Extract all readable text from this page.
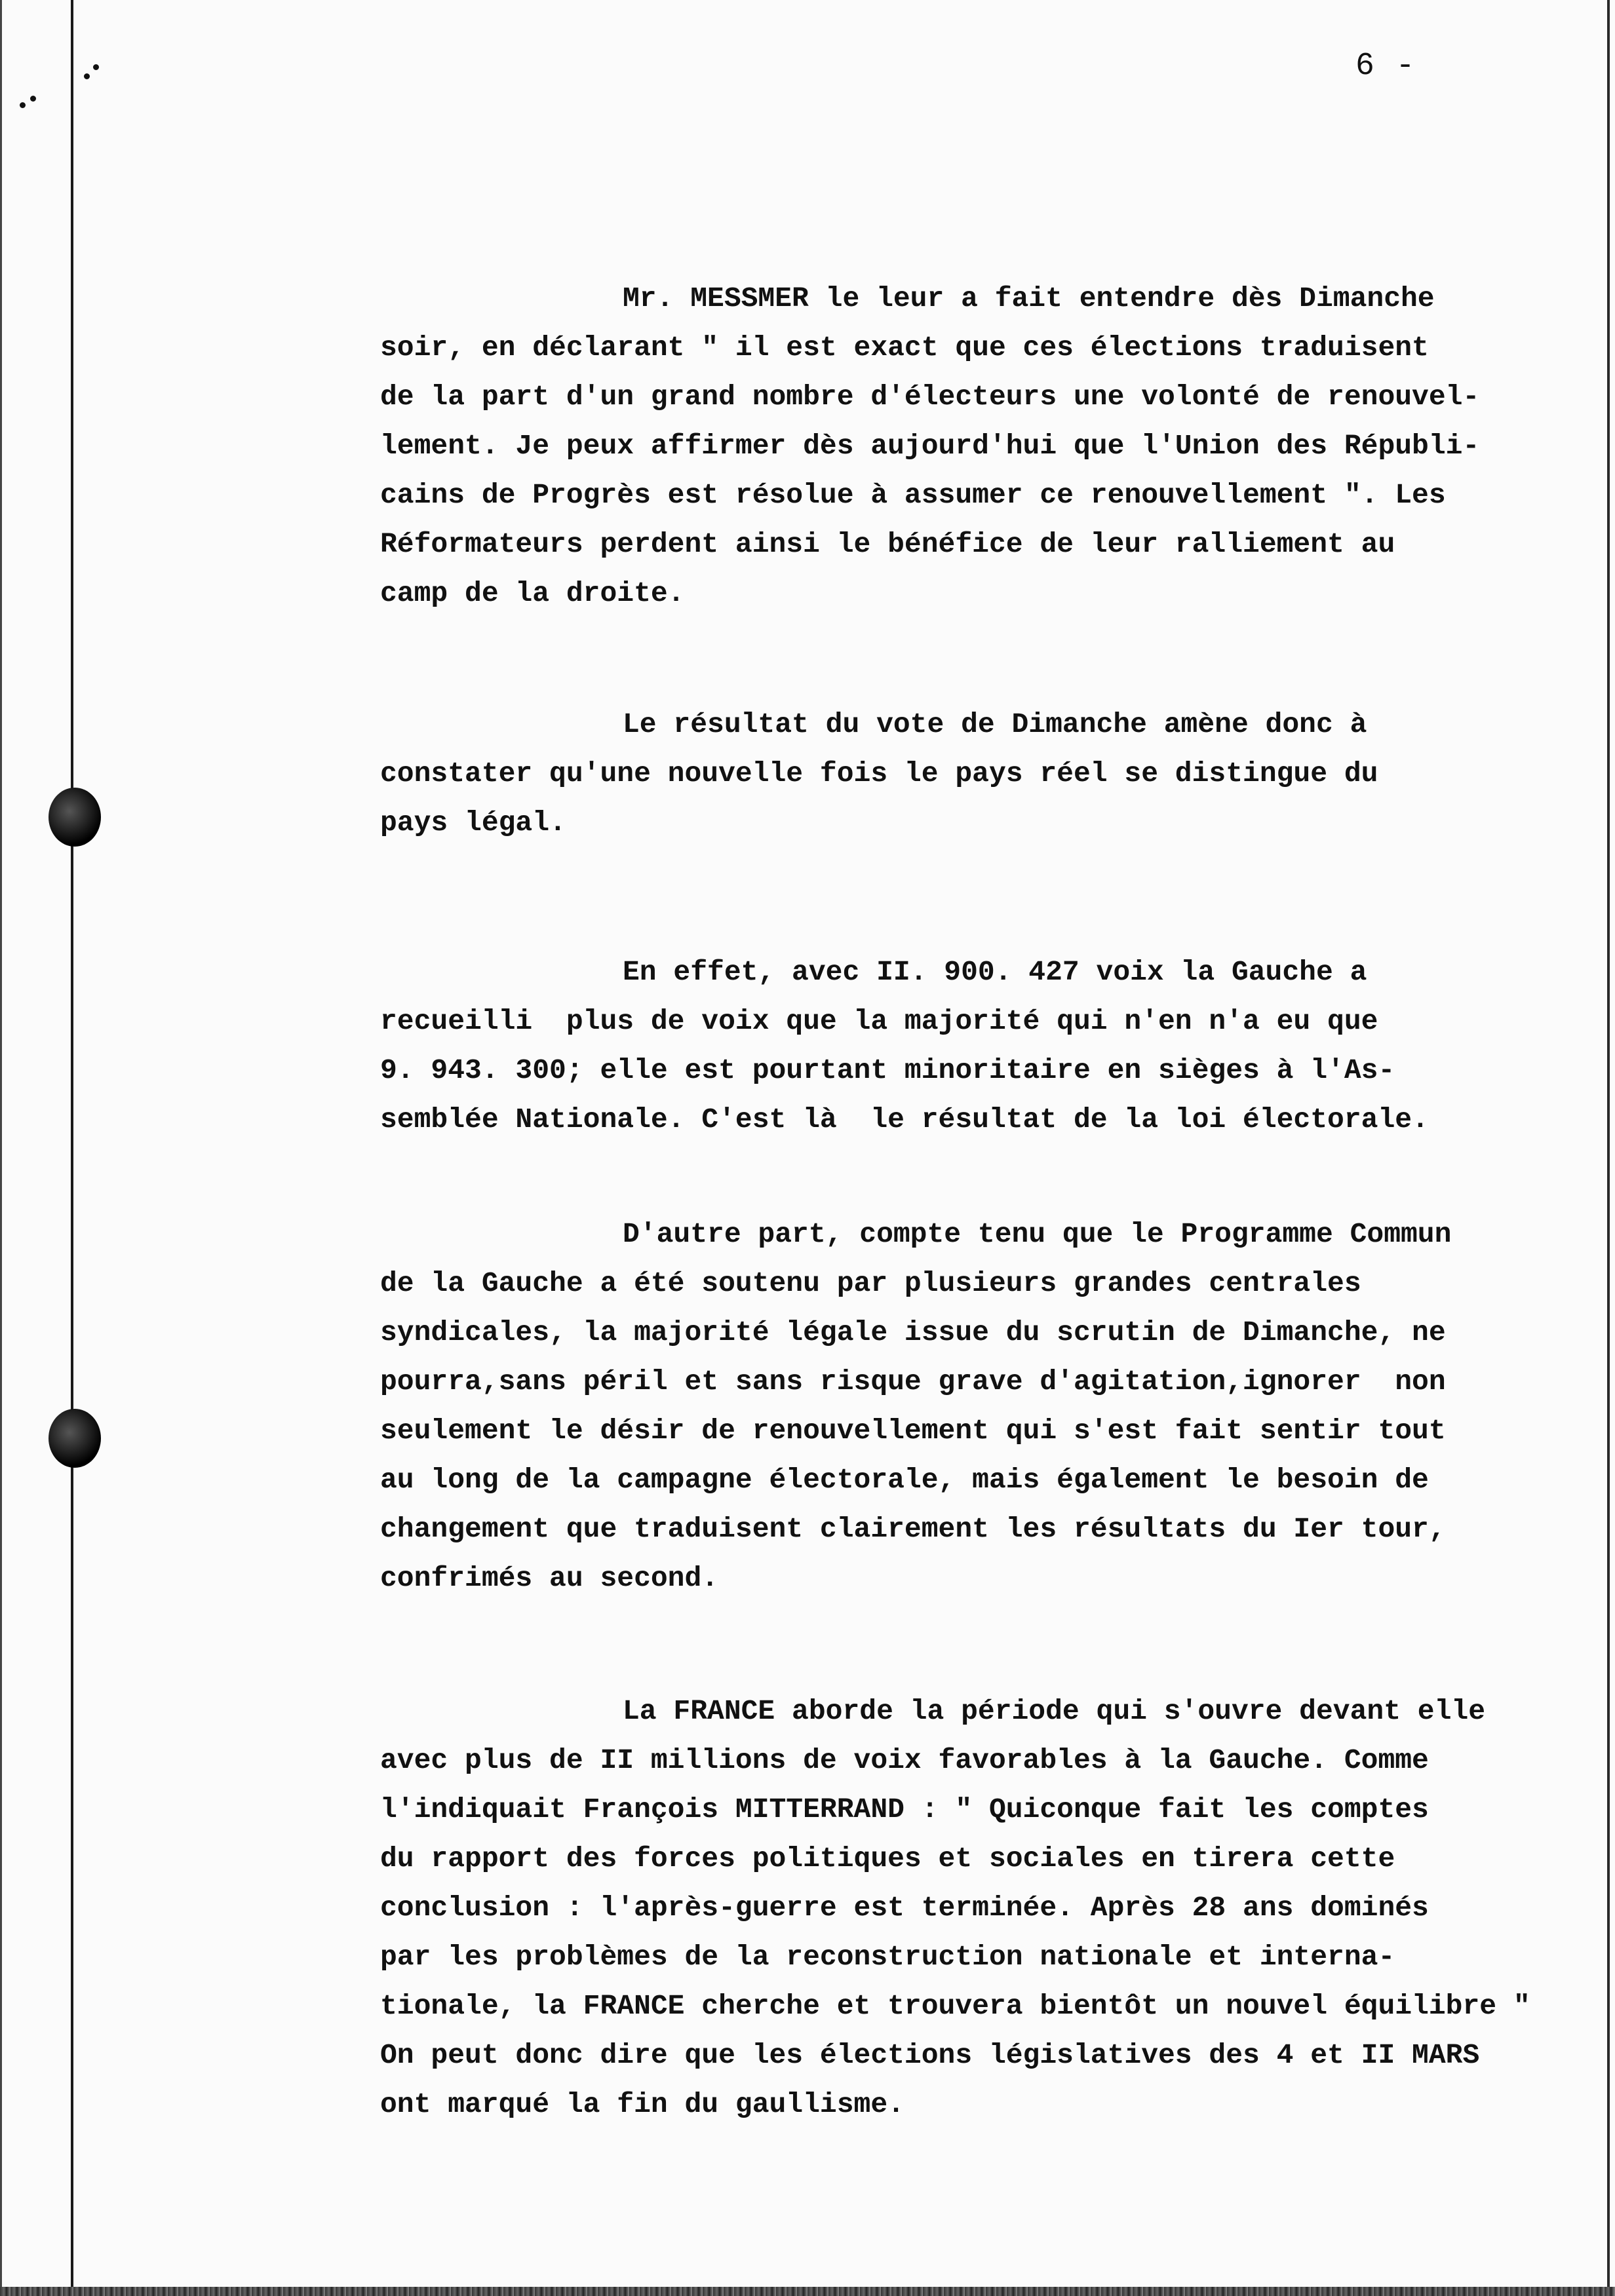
6 -
Mr. MESSMER le leur a fait entendre dès Dimanche
soir, en déclarant " il est exact que ces élections traduisent
de la part d'un grand nombre d'électeurs une volonté de renouvel-
lement. Je peux affirmer dès aujourd'hui que l'Union des Républi-
cains de Progrès est résolue à assumer ce renouvellement ". Les
Réformateurs perdent ainsi le bénéfice de leur ralliement au
camp de la droite.
Le résultat du vote de Dimanche amène donc à
constater qu'une nouvelle fois le pays réel se distingue du
pays légal.
En effet, avec II. 900. 427 voix la Gauche a
recueilli  plus de voix que la majorité qui n'en n'a eu que
9. 943. 300; elle est pourtant minoritaire en sièges à l'As-
semblée Nationale. C'est là  le résultat de la loi électorale.
D'autre part, compte tenu que le Programme Commun
de la Gauche a été soutenu par plusieurs grandes centrales
syndicales, la majorité légale issue du scrutin de Dimanche, ne
pourra,sans péril et sans risque grave d'agitation,ignorer  non
seulement le désir de renouvellement qui s'est fait sentir tout
au long de la campagne électorale, mais également le besoin de
changement que traduisent clairement les résultats du Ier tour,
confrimés au second.
La FRANCE aborde la période qui s'ouvre devant elle
avec plus de II millions de voix favorables à la Gauche. Comme
l'indiquait François MITTERRAND : " Quiconque fait les comptes
du rapport des forces politiques et sociales en tirera cette
conclusion : l'après-guerre est terminée. Après 28 ans dominés
par les problèmes de la reconstruction nationale et interna-
tionale, la FRANCE cherche et trouvera bientôt un nouvel équilibre "
On peut donc dire que les élections législatives des 4 et II MARS
ont marqué la fin du gaullisme.
